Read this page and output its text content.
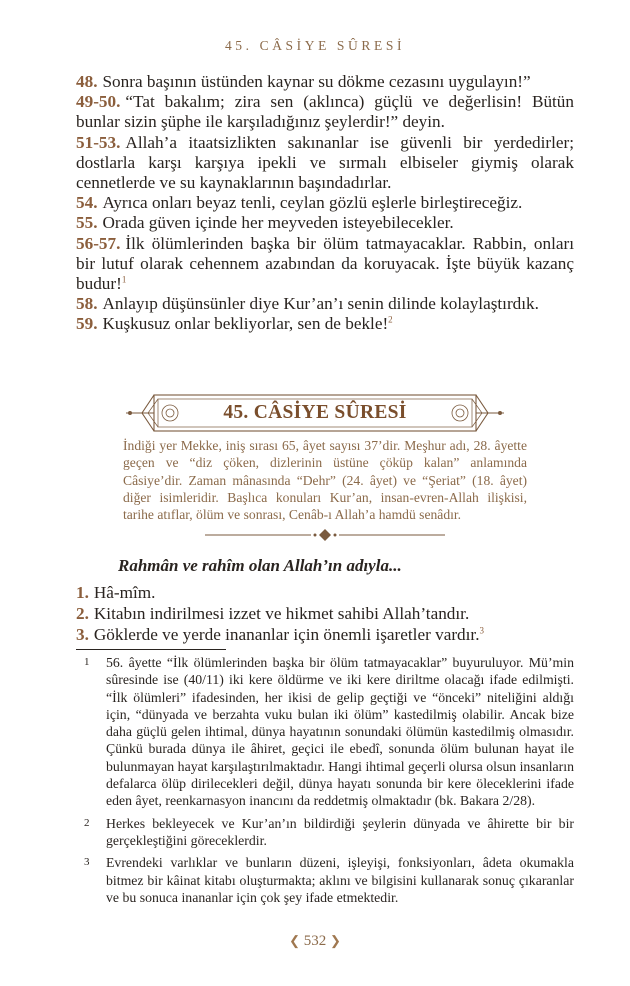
45. CÂSİYE SÛRESİ

48. Sonra başının üstünden kaynar su dökme cezasını uygulayın!”

49-50. “Tat bakalım; zira sen (aklınca) güçlü ve değerlisin! Bütün bunlar sizin şüphe ile karşıladığınız şeylerdir!” deyin.

51-53. Allah’a itaatsizlikten sakınanlar ise güvenli bir yerdedirler; dostlarla karşı karşıya ipekli ve sırmalı elbiseler giymiş olarak cennetlerde ve su kaynaklarının başındadırlar.

54. Ayrıca onları beyaz tenli, ceylan gözlü eşlerle birleştireceğiz.

55. Orada güven içinde her meyveden isteyebilecekler.

56-57. İlk ölümlerinden başka bir ölüm tatmayacaklar. Rabbin, onları bir lutuf olarak cehennem azabından da koruyacak. İşte büyük kazanç budur!$^1$

58. Anlayıp düşünsünler diye Kur’an’ı senin dilinde kolaylaştırdık.

59. Kuşkusuz onlar bekliyorlar, sen de bekle!$^2$

45. CÂSİYE SÛRESİ
İndiği yer Mekke, iniş sırası 65, âyet sayısı 37’dir. Meşhur adı, 28. âyette geçen ve “diz çöken, dizlerinin üstüne çöküp kalan” anlamında Câsiye’dir. Zaman mânasında “Dehr” (24. âyet) ve “Şeriat” (18. âyet) diğer isimleridir. Başlıca konuları Kur’an, insan-evren-Allah ilişkisi, tarihe atıflar, ölüm ve sonrası, Cenâb-ı Allah’a hamdü senâdır.
Rahmân ve rahîm olan Allah’ın adıyla...

1. Hâ-mîm.

2. Kitabın indirilmesi izzet ve hikmet sahibi Allah’tandır.

3. Göklerde ve yerde inananlar için önemli işaretler vardır.$^3$

1	56. âyette “İlk ölümlerinden başka bir ölüm tatmayacaklar” buyuruluyor. Mü’min sûresinde ise (40/11) iki kere öldürme ve iki kere diriltme olacağı ifade edilmişti. “İlk ölümleri” ifadesinden, her ikisi de gelip geçtiği ve “önceki” niteliğini aldığı için, “dünyada ve berzahta vuku bulan iki ölüm” kastedilmiş olabilir. Ancak bize daha güçlü gelen ihtimal, dünya hayatının sonundaki ölümün kastedilmiş olmasıdır. Çünkü burada dünya ile âhiret, geçici ile ebedî, sonunda ölüm bulunan hayat ile bulunmayan hayat karşılaştırılmaktadır. Hangi ihtimal geçerli olursa olsun insanların defalarca ölüp dirilecekleri değil, dünya hayatı sonunda bir kere öleceklerini ifade eden âyet, reenkarnasyon inancını da reddetmiş olmaktadır (bk. Bakara 2/28).
2	Herkes bekleyecek ve Kur’an’ın bildirdiği şeylerin dünyada ve âhirette bir bir gerçekleştiğini göreceklerdir.
3	Evrendeki varlıklar ve bunların düzeni, işleyişi, fonksiyonları, âdeta okumakla bitmez bir kâinat kitabı oluşturmakta; aklını ve bilgisini kullanarak sonuç çıkaranlar ve bu sonuca inananlar için çok şey ifade etmektedir.
❮ 532 ❯
